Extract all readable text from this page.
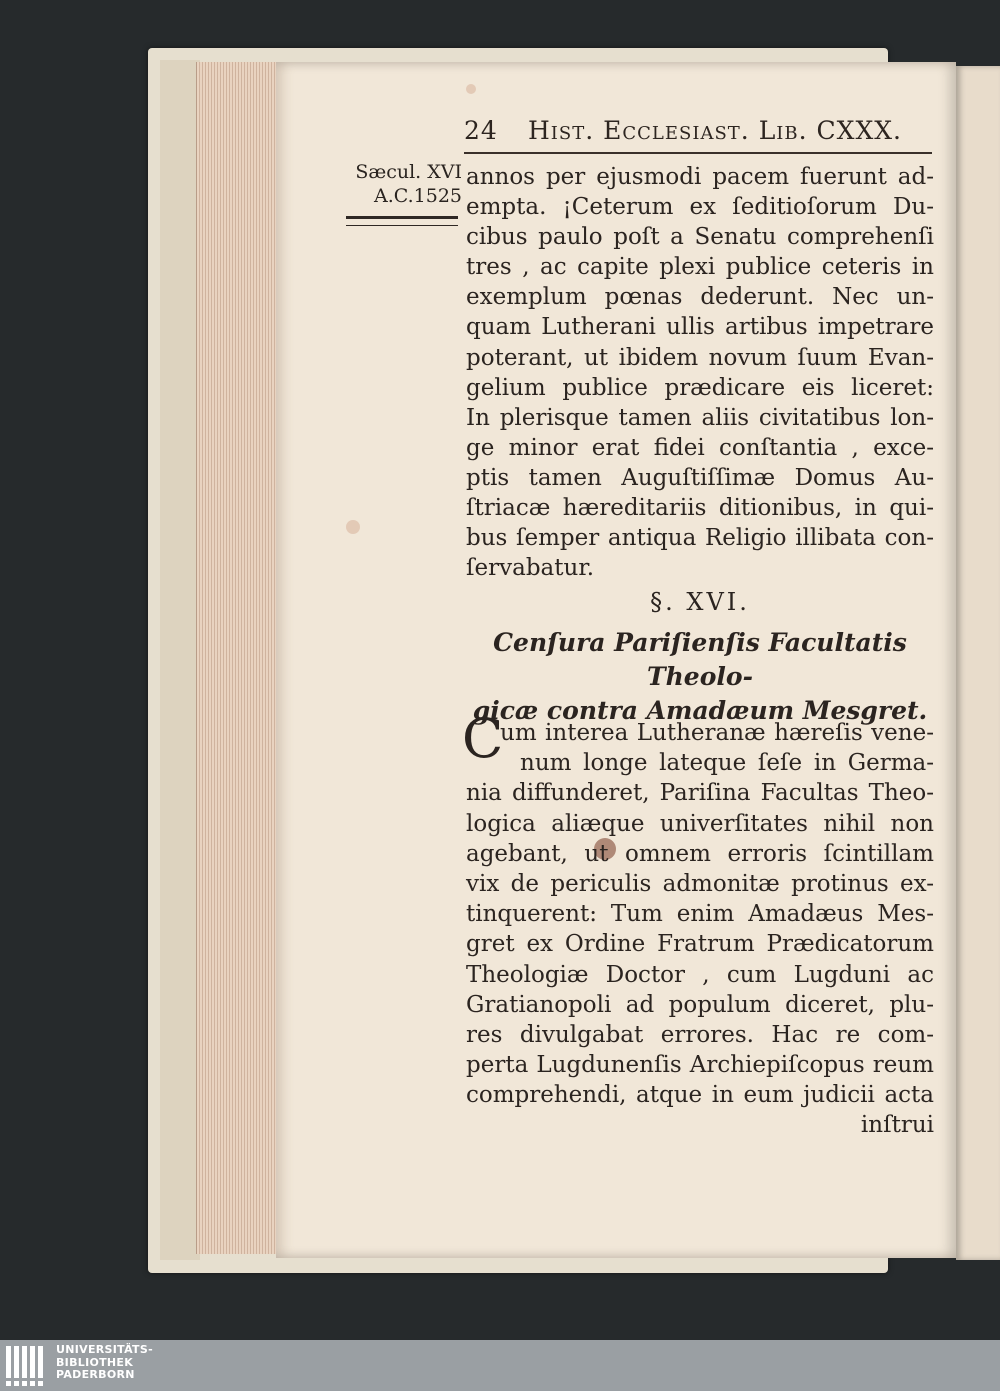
24 Hist. Ecclesiast. Lib. CXXX.
Sæcul. XVI
A.C.1525
annos per ejusmodi pacem fuerunt ad-
empta. ¡Ceterum ex ſeditioſorum Du-
cibus paulo poſt a Senatu comprehenſi
tres , ac capite plexi publice ceteris in
exemplum pœnas dederunt. Nec un-
quam Lutherani ullis artibus impetrare
poterant, ut ibidem novum ſuum Evan-
gelium publice prædicare eis liceret:
In plerisque tamen aliis civitatibus lon-
ge minor erat fidei conſtantia , exce-
ptis tamen Auguſtiſſimæ Domus Au-
ſtriacæ hæreditariis ditionibus, in qui-
bus ſemper antiqua Religio illibata con-
ſervabatur.
§. XVI.
Cenſura Pariſienſis Facultatis Theolo-
gicæ contra Amadæum Mesgret.
C
um interea Lutheranæ hæreſis vene-
num longe lateque ſeſe in Germa-
nia diffunderet, Pariſina Facultas Theo-
logica aliæque univerſitates nihil non
agebant, ut omnem erroris ſcintillam
vix de periculis admonitæ protinus ex-
tinquerent: Tum enim Amadæus Mes-
gret ex Ordine Fratrum Prædicatorum
Theologiæ Doctor , cum Lugduni ac
Gratianopoli ad populum diceret, plu-
res divulgabat errores. Hac re com-
perta Lugdunenſis Archiepiſcopus reum
comprehendi, atque in eum judicii acta
inſtrui
UNIVERSITÄTS-
BIBLIOTHEK
PADERBORN
